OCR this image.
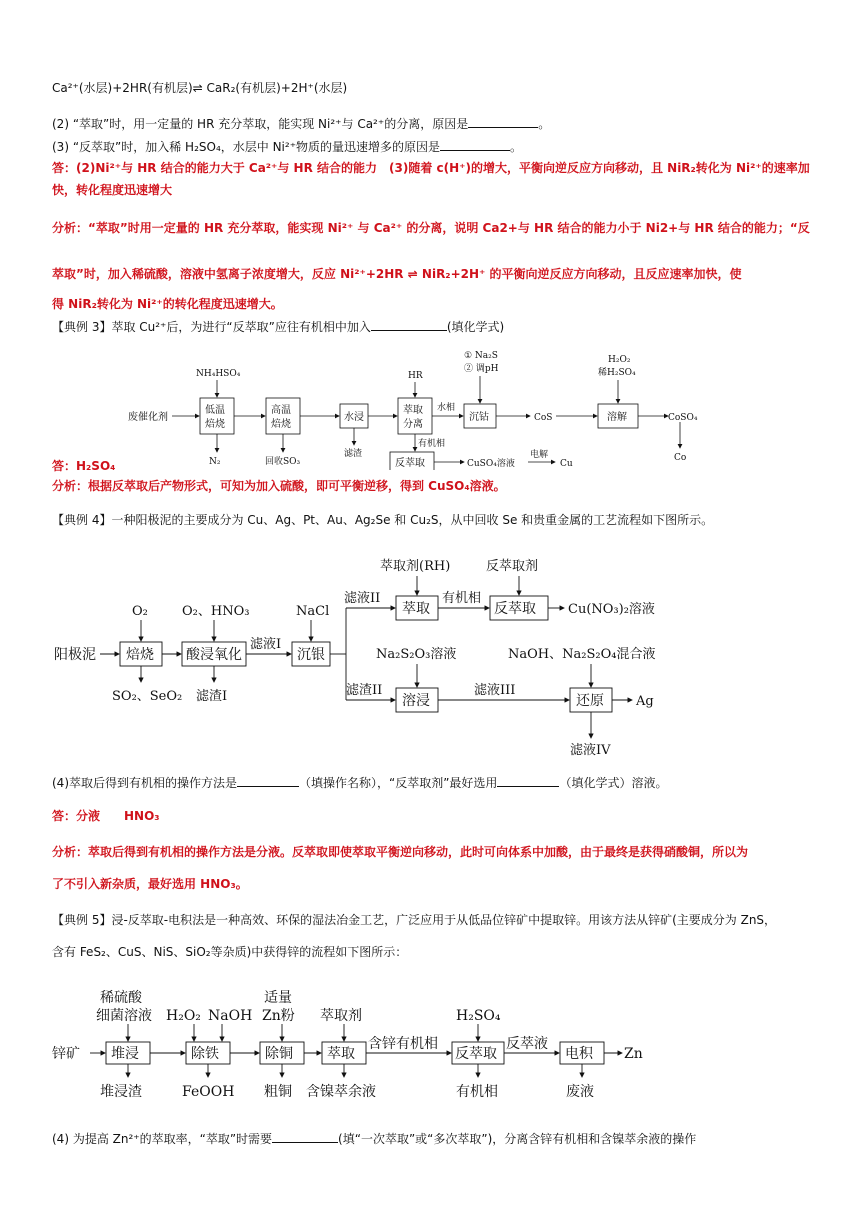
Ca²⁺(水层)+2HR(有机层)⇌ CaR₂(有机层)+2H⁺(水层)
(2) “萃取”时，用一定量的 HR 充分萃取，能实现 Ni²⁺与 Ca²⁺的分离，原因是	。
(3) “反萃取”时，加入稀 H₂SO₄，水层中 Ni²⁺物质的量迅速增多的原因是	。
答：(2)Ni²⁺与 HR 结合的能力大于 Ca²⁺与 HR 结合的能力　(3)随着 c(H⁺)的增大，平衡向逆反应方向移动，且 NiR₂转化为 Ni²⁺的速率加
快，转化程度迅速增大
分析：“萃取”时用一定量的 HR 充分萃取，能实现 Ni²⁺ 与 Ca²⁺ 的分离，说明 Ca2+与 HR 结合的能力小于 Ni2+与 HR 结合的能力；“反
萃取”时，加入稀硫酸，溶液中氢离子浓度增大，反应 Ni²⁺+2HR ⇌ NiR₂+2H⁺ 的平衡向逆反应方向移动，且反应速率加快，使
得 NiR₂转化为 Ni²⁺的转化程度迅速增大。
【典例 3】萃取 Cu²⁺后，为进行“反萃取”应往有机相中加入	(填化学式)
废催化剂
低温
焙烧
高温
焙烧
水浸
萃取
分离
沉钴	溶解
反萃取
NH₄HSO₄
N₂	回收SO₃
滤渣
HR
水相
有机相
① Na₂S
② 调pH
H₂O₂
稀H₂SO₄
CoS	CoSO₄
Co
CuSO₄溶液
电解
Cu
答：H₂SO₄
分析：根据反萃取后产物形式，可知为加入硫酸，即可平衡逆移，得到 CuSO₄溶液。
【典例 4】一种阳极泥的主要成分为 Cu、Ag、Pt、Au、Ag₂Se 和 Cu₂S，从中回收 Se 和贵重金属的工艺流程如下图所示。
阳极泥 焙烧 酸浸氧化	沉银
萃取	反萃取
溶浸	还原
O₂	O₂、HNO₃	NaCl
SO₂、SeO₂ 滤渣I
滤液I
萃取剂(RH)	反萃取剂
滤液II	有机相
Cu(NO₃)₂溶液
Na₂S₂O₃溶液	NaOH、Na₂S₂O₄混合液
滤渣II	滤液III
Ag
滤液IV
(4)萃取后得到有机相的操作方法是	（填操作名称），“反萃取剂”最好选用	（填化学式）溶液。
答：分液　　HNO₃
分析：萃取后得到有机相的操作方法是分液。反萃取即使萃取平衡逆向移动，此时可向体系中加酸，由于最终是获得硝酸铜，所以为
了不引入新杂质，最好选用 HNO₃。
【典例 5】浸-反萃取-电积法是一种高效、环保的湿法冶金工艺，广泛应用于从低品位锌矿中提取锌。用该方法从锌矿(主要成分为 ZnS，
含有 FeS₂、CuS、NiS、SiO₂等杂质)中获得锌的流程如下图所示：
锌矿 堆浸	除铁	除铜 萃取	反萃取	电积
稀硫酸
细菌溶液 H₂O₂ NaOH
适量
Zn粉 萃取剂	H₂SO₄
含锌有机相	反萃液
Zn
堆浸渣	FeOOH 粗铜 含镍萃余液	有机相	废液
(4) 为提高 Zn²⁺的萃取率，“萃取”时需要	(填“一次萃取”或“多次萃取”)，分离含锌有机相和含镍萃余液的操作
